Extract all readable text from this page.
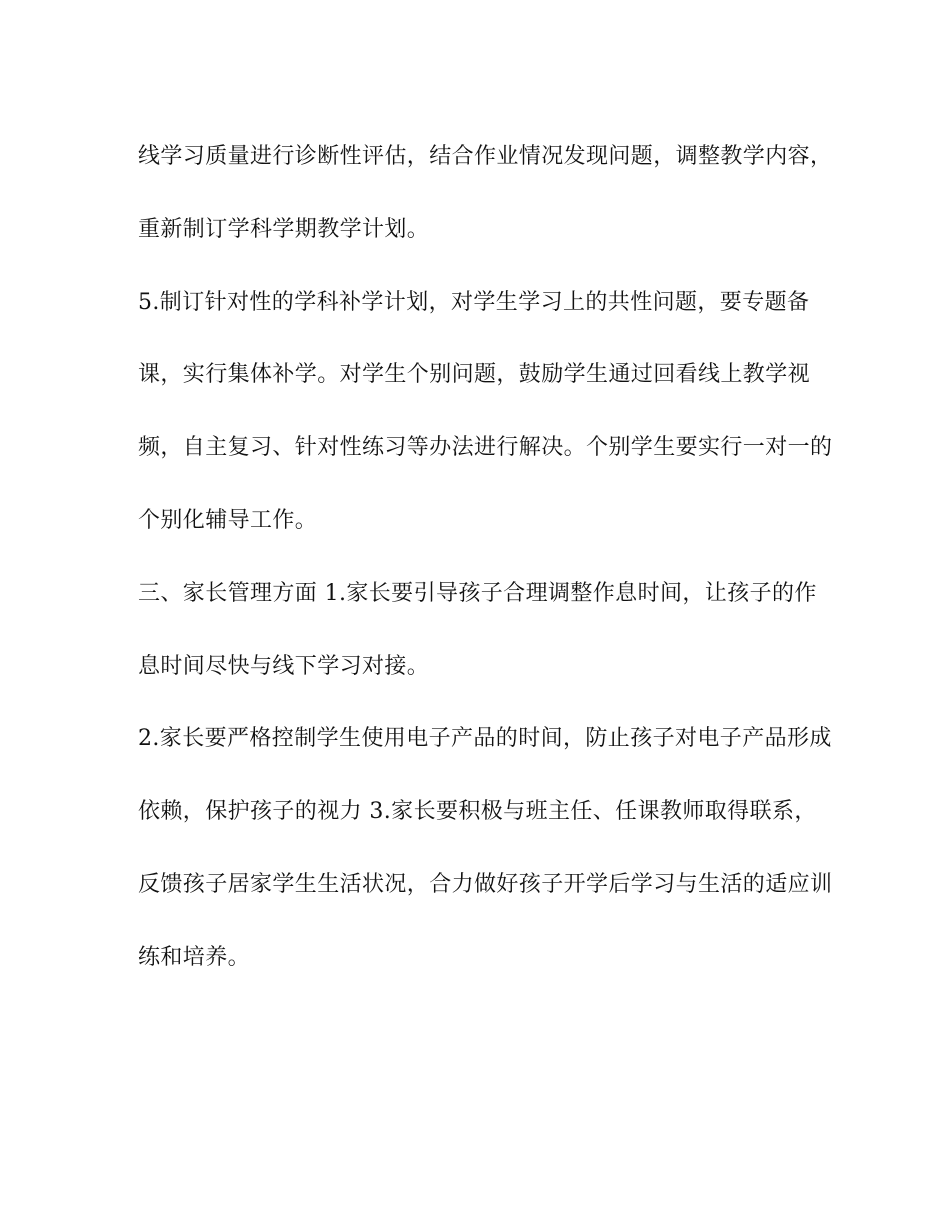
线学习质量进行诊断性评估，结合作业情况发现问题，调整教学内容，
重新制订学科学期教学计划。
5.制订针对性的学科补学计划，对学生学习上的共性问题，要专题备
课，实行集体补学。对学生个别问题，鼓励学生通过回看线上教学视
频，自主复习、针对性练习等办法进行解决。个别学生要实行一对一的
个别化辅导工作。
三、家长管理方面 1.家长要引导孩子合理调整作息时间，让孩子的作
息时间尽快与线下学习对接。
2.家长要严格控制学生使用电子产品的时间，防止孩子对电子产品形成
依赖，保护孩子的视力 3.家长要积极与班主任、任课教师取得联系，
反馈孩子居家学生生活状况，合力做好孩子开学后学习与生活的适应训
练和培养。
